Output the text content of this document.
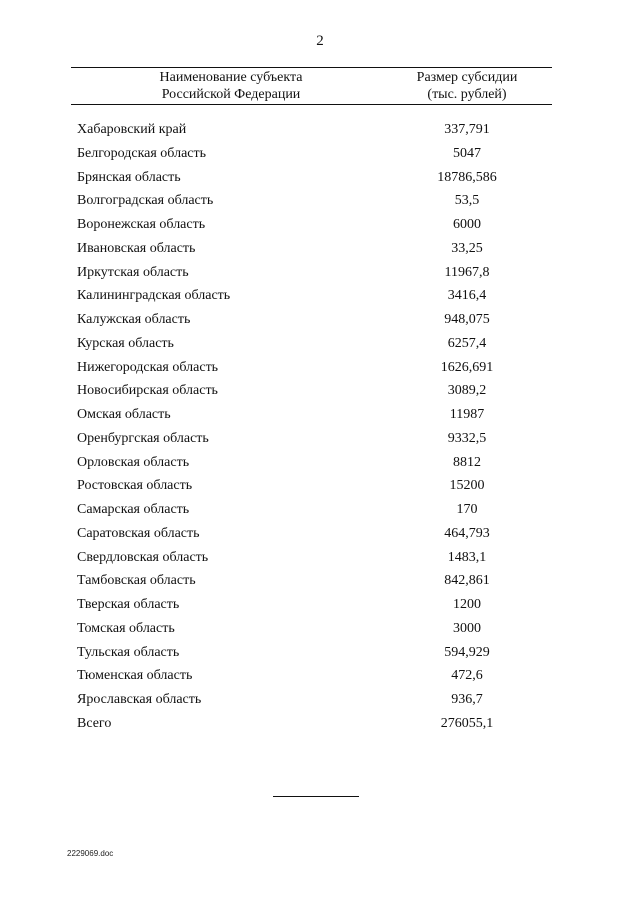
2
Наименование субъекта
Российской Федерации
Размер субсидии
(тыс. рублей)
Хабаровский край	337,791
Белгородская область	5047
Брянская область	18786,586
Волгоградская область	53,5
Воронежская область	6000
Ивановская область	33,25
Иркутская область	11967,8
Калининградская область	3416,4
Калужская область	948,075
Курская область	6257,4
Нижегородская область	1626,691
Новосибирская область	3089,2
Омская область	11987
Оренбургская область	9332,5
Орловская область	8812
Ростовская область	15200
Самарская область	170
Саратовская область	464,793
Свердловская область	1483,1
Тамбовская область	842,861
Тверская область	1200
Томская область	3000
Тульская область	594,929
Тюменская область	472,6
Ярославская область	936,7
Всего	276055,1
2229069.doc
